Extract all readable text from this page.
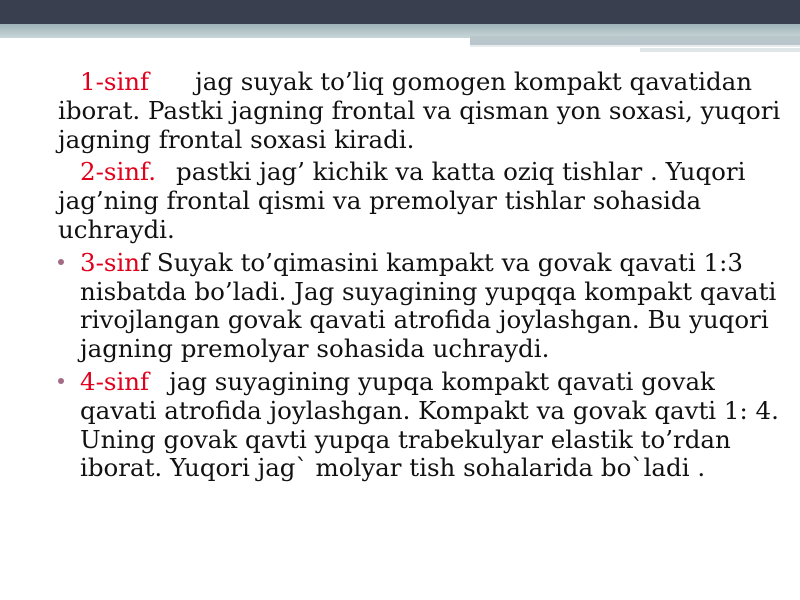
1-sinf jag suyak to’liq gomogen kompakt qavatidan iborat. Pastki jagning frontal va qisman yon soxasi, yuqori jagning frontal soxasi kiradi.

2-sinf. pastki jag’ kichik va katta oziq tishlar . Yuqori jag’ning frontal qismi va premolyar tishlar sohasida uchraydi.

3-sinf Suyak to’qimasini kampakt va govak qavati 1:3 nisbatda bo’ladi. Jag suyagining yupqqa kompakt qavati rivojlangan govak qavati atrofida joylashgan. Bu yuqori jagning premolyar sohasida uchraydi.
4-sinf jag suyagining yupqa kompakt qavati govak qavati atrofida joylashgan. Kompakt va govak qavti 1: 4. Uning govak qavti yupqa trabekulyar elastik to’rdan iborat. Yuqori jag` molyar tish sohalarida bo`ladi .
